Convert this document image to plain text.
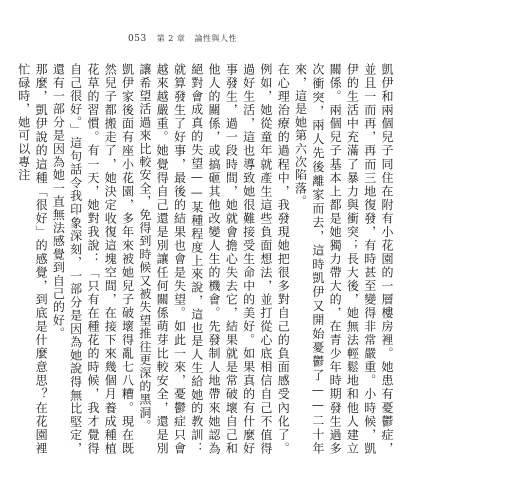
053 第 2 章 論性與人性

凱伊和兩個兒子同住在附有小花園的一層樓房裡。她患有憂鬱症，並且一而再，再而三地復發，有時甚至變得非常嚴重。小時候，凱伊的生活中充滿了暴力與衝突；長大後，她無法輕鬆地和他人建立關係。兩個兒子基本上都是她獨力帶大的，在青少年時期發生過多次衝突，兩人先後離家而去，這時凱伊又開始憂鬱了——二十年來，這是她第六次陷落。

在心理治療的過程中，我發現她把很多對自己的負面感受內化了。例如，她從童年就產生這些負面想法，並打從心底相信自己不值得過好生活，這也導致她很難接受生命中的美好。如果真的有什麼好事發生，過一段時間，她就會擔心失去它，結果就是常破壞自己和他人的關係，或搞砸其他改變人生的機會。先發制人地帶來她認為絕對會成真的失望——某種程度上來說，這也是人生給她的教訓：就算發生了好事，最後的結果也會是失望。如此一來，憂鬱症只會越來越嚴重。她覺得自己還是別讓任何關係萌芽比較安全，還是別讓希望活過來比較安全，免得到時候又被失望推往更深的黑洞。

凱伊家後面有座小花園，多年來被她兒子破壞得亂七八糟。現在既然兒子都搬走了，她決定收復這塊空間，在接下來幾個月養成種植花草的習慣。有一天，她對我說：「只有在種花的時候，我才覺得自己很好。」這句話令我印象深刻，一部分是因為她說得無比堅定，還有一部分是因為她一直無法感覺到自己的好。

那麼，凱伊說的這種「很好」的感覺，到底是什麼意思？在花園裡忙碌時，她可以專注
